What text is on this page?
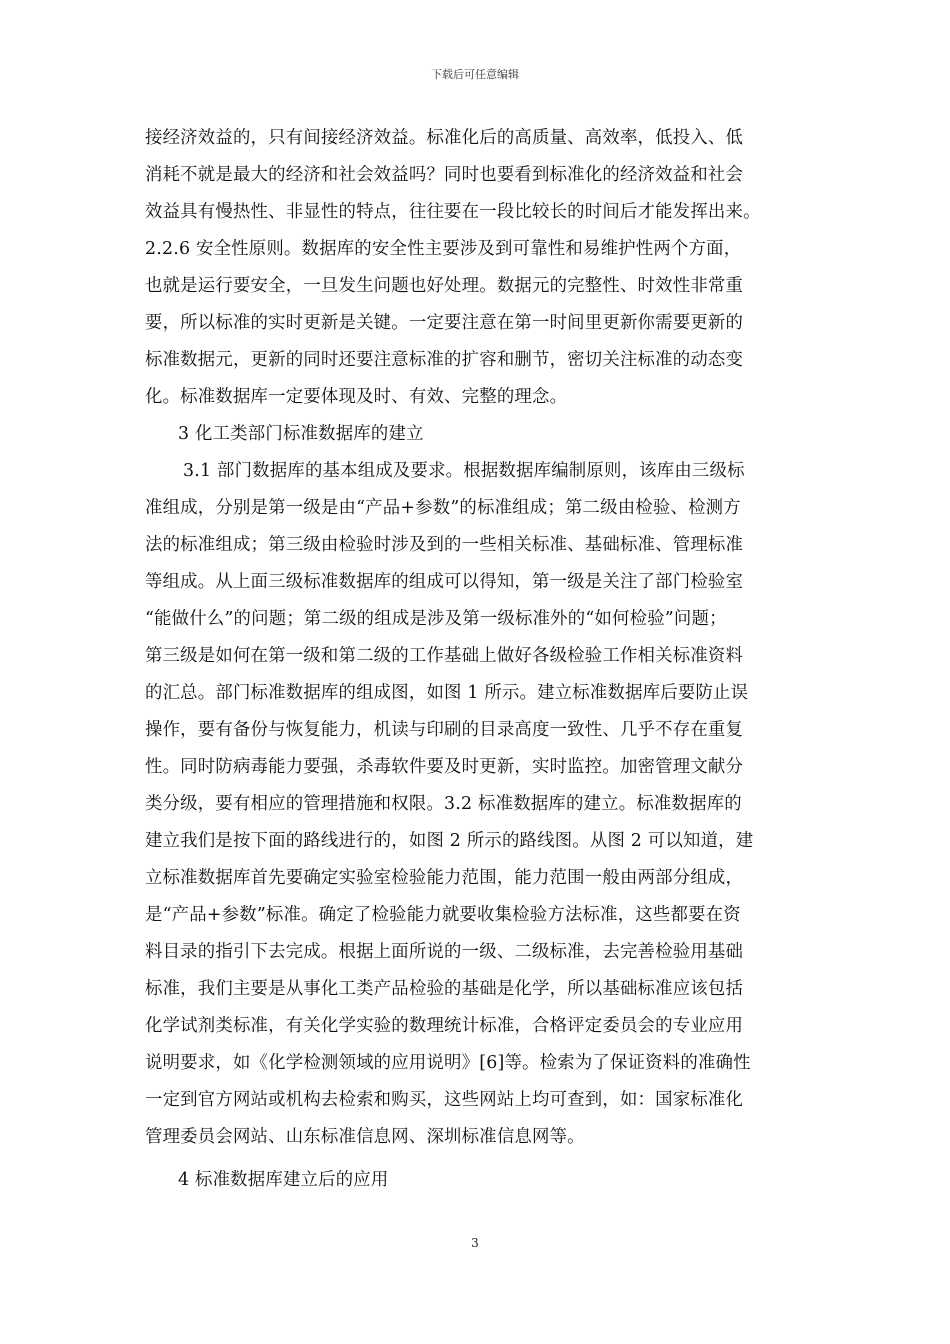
下载后可任意编辑
接经济效益的，只有间接经济效益。标准化后的高质量、高效率，低投入、低
消耗不就是最大的经济和社会效益吗？同时也要看到标准化的经济效益和社会
效益具有慢热性、非显性的特点，往往要在一段比较长的时间后才能发挥出来。
2.2.6 安全性原则。数据库的安全性主要涉及到可靠性和易维护性两个方面，
也就是运行要安全，一旦发生问题也好处理。数据元的完整性、时效性非常重
要，所以标准的实时更新是关键。一定要注意在第一时间里更新你需要更新的
标准数据元，更新的同时还要注意标准的扩容和删节，密切关注标准的动态变
化。标准数据库一定要体现及时、有效、完整的理念。
3 化工类部门标准数据库的建立
3.1 部门数据库的基本组成及要求。根据数据库编制原则，该库由三级标
准组成，分别是第一级是由“产品+参数”的标准组成；第二级由检验、检测方
法的标准组成；第三级由检验时涉及到的一些相关标准、基础标准、管理标准
等组成。从上面三级标准数据库的组成可以得知，第一级是关注了部门检验室
“能做什么”的问题；第二级的组成是涉及第一级标准外的“如何检验”问题；
第三级是如何在第一级和第二级的工作基础上做好各级检验工作相关标准资料
的汇总。部门标准数据库的组成图，如图 1 所示。建立标准数据库后要防止误
操作，要有备份与恢复能力，机读与印刷的目录高度一致性、几乎不存在重复
性。同时防病毒能力要强，杀毒软件要及时更新，实时监控。加密管理文献分
类分级，要有相应的管理措施和权限。3.2 标准数据库的建立。标准数据库的
建立我们是按下面的路线进行的，如图 2 所示的路线图。从图 2 可以知道，建
立标准数据库首先要确定实验室检验能力范围，能力范围一般由两部分组成，
是“产品+参数”标准。确定了检验能力就要收集检验方法标准，这些都要在资
料目录的指引下去完成。根据上面所说的一级、二级标准，去完善检验用基础
标准，我们主要是从事化工类产品检验的基础是化学，所以基础标准应该包括
化学试剂类标准，有关化学实验的数理统计标准，合格评定委员会的专业应用
说明要求，如《化学检测领域的应用说明》[6]等。检索为了保证资料的准确性
一定到官方网站或机构去检索和购买，这些网站上均可查到，如：国家标准化
管理委员会网站、山东标准信息网、深圳标准信息网等。
4 标准数据库建立后的应用
3
